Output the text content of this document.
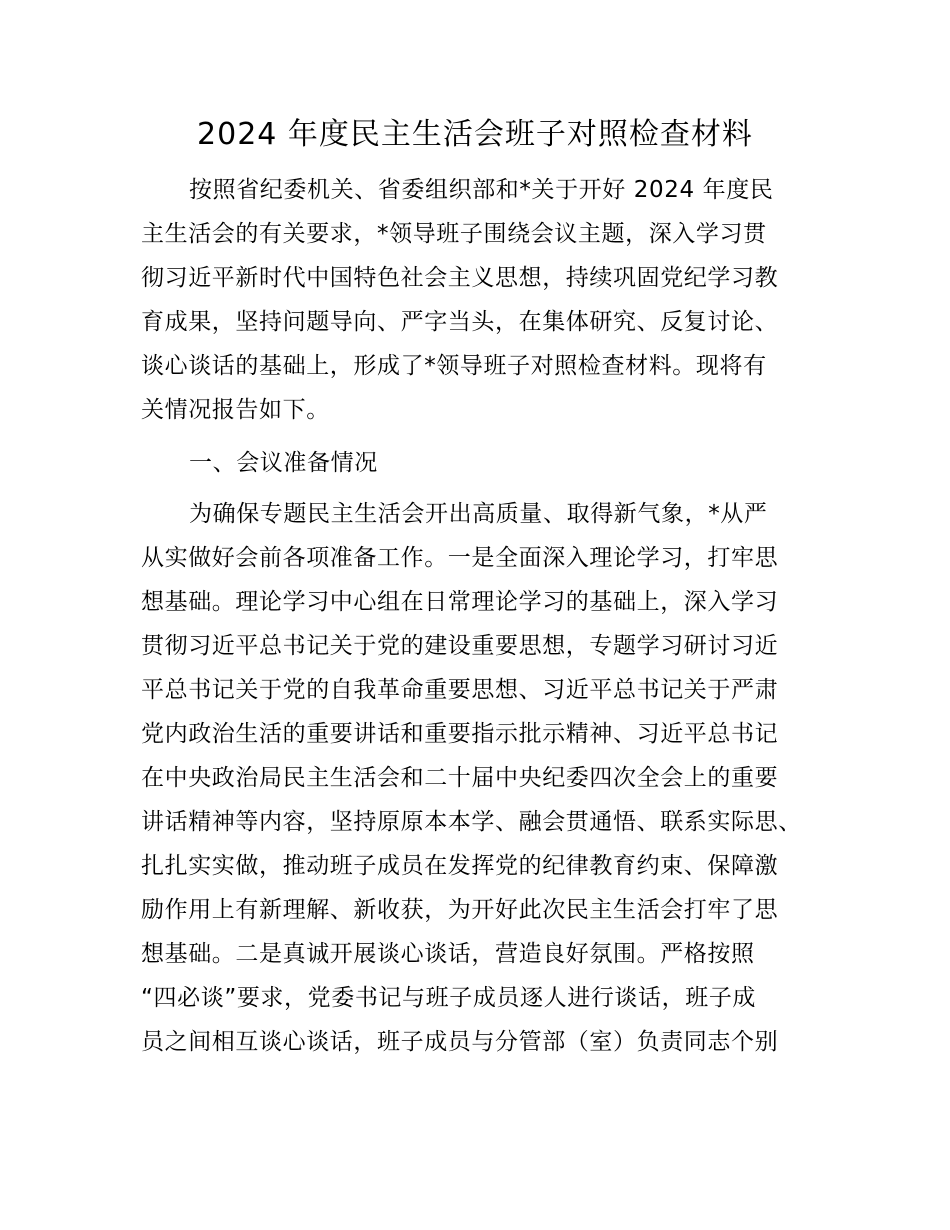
2024 年度民主生活会班子对照检查材料
按照省纪委机关、省委组织部和*关于开好 2024 年度民
主生活会的有关要求，*领导班子围绕会议主题，深入学习贯
彻习近平新时代中国特色社会主义思想，持续巩固党纪学习教
育成果，坚持问题导向、严字当头，在集体研究、反复讨论、
谈心谈话的基础上，形成了*领导班子对照检查材料。现将有
关情况报告如下。
一、会议准备情况
为确保专题民主生活会开出高质量、取得新气象，*从严
从实做好会前各项准备工作。一是全面深入理论学习，打牢思
想基础。理论学习中心组在日常理论学习的基础上，深入学习
贯彻习近平总书记关于党的建设重要思想，专题学习研讨习近
平总书记关于党的自我革命重要思想、习近平总书记关于严肃
党内政治生活的重要讲话和重要指示批示精神、习近平总书记
在中央政治局民主生活会和二十届中央纪委四次全会上的重要
讲话精神等内容，坚持原原本本学、融会贯通悟、联系实际思、
扎扎实实做，推动班子成员在发挥党的纪律教育约束、保障激
励作用上有新理解、新收获，为开好此次民主生活会打牢了思
想基础。二是真诚开展谈心谈话，营造良好氛围。严格按照
“四必谈”要求，党委书记与班子成员逐人进行谈话，班子成
员之间相互谈心谈话，班子成员与分管部（室）负责同志个别
